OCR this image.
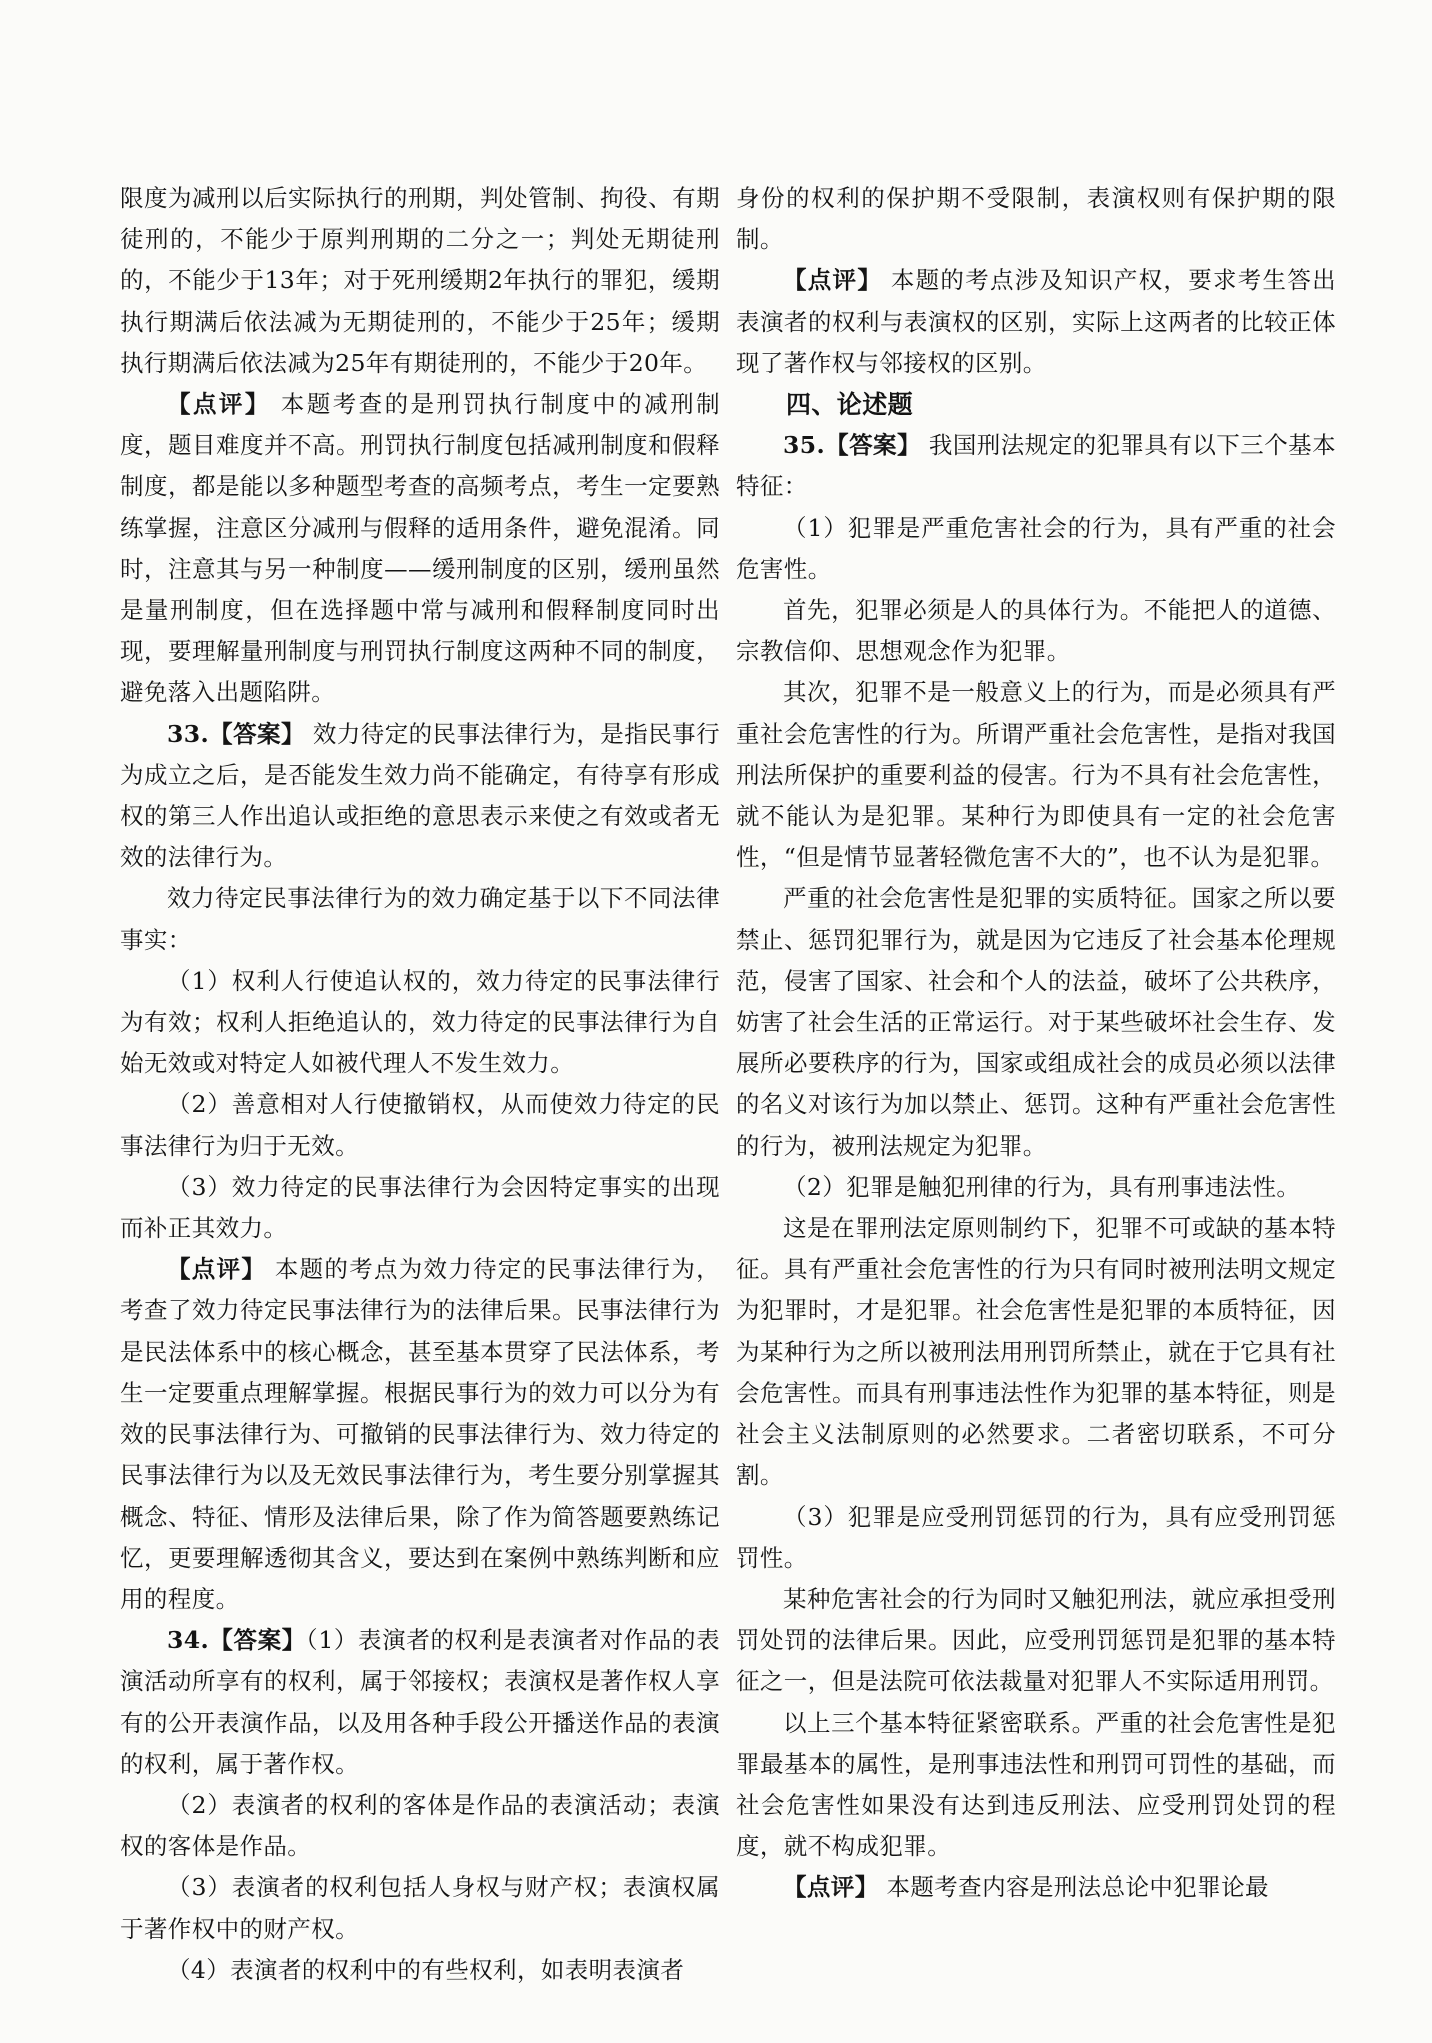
限度为减刑以后实际执行的刑期，判处管制、拘役、有期徒刑的，不能少于原判刑期的二分之一；判处无期徒刑的，不能少于13年；对于死刑缓期2年执行的罪犯，缓期执行期满后依法减为无期徒刑的，不能少于25年；缓期执行期满后依法减为25年有期徒刑的，不能少于20年。

【点评】 本题考查的是刑罚执行制度中的减刑制度，题目难度并不高。刑罚执行制度包括减刑制度和假释制度，都是能以多种题型考查的高频考点，考生一定要熟练掌握，注意区分减刑与假释的适用条件，避免混淆。同时，注意其与另一种制度——缓刑制度的区别，缓刑虽然是量刑制度，但在选择题中常与减刑和假释制度同时出现，要理解量刑制度与刑罚执行制度这两种不同的制度，避免落入出题陷阱。

33.【答案】 效力待定的民事法律行为，是指民事行为成立之后，是否能发生效力尚不能确定，有待享有形成权的第三人作出追认或拒绝的意思表示来使之有效或者无效的法律行为。

效力待定民事法律行为的效力确定基于以下不同法律事实：

（1）权利人行使追认权的，效力待定的民事法律行为有效；权利人拒绝追认的，效力待定的民事法律行为自始无效或对特定人如被代理人不发生效力。

（2）善意相对人行使撤销权，从而使效力待定的民事法律行为归于无效。

（3）效力待定的民事法律行为会因特定事实的出现而补正其效力。

【点评】 本题的考点为效力待定的民事法律行为，考查了效力待定民事法律行为的法律后果。民事法律行为是民法体系中的核心概念，甚至基本贯穿了民法体系，考生一定要重点理解掌握。根据民事行为的效力可以分为有效的民事法律行为、可撤销的民事法律行为、效力待定的民事法律行为以及无效民事法律行为，考生要分别掌握其概念、特征、情形及法律后果，除了作为简答题要熟练记忆，更要理解透彻其含义，要达到在案例中熟练判断和应用的程度。

34.【答案】（1）表演者的权利是表演者对作品的表演活动所享有的权利，属于邻接权；表演权是著作权人享有的公开表演作品，以及用各种手段公开播送作品的表演的权利，属于著作权。

（2）表演者的权利的客体是作品的表演活动；表演权的客体是作品。

（3）表演者的权利包括人身权与财产权；表演权属于著作权中的财产权。

（4）表演者的权利中的有些权利，如表明表演者

身份的权利的保护期不受限制，表演权则有保护期的限制。

【点评】 本题的考点涉及知识产权，要求考生答出表演者的权利与表演权的区别，实际上这两者的比较正体现了著作权与邻接权的区别。

四、论述题

35.【答案】 我国刑法规定的犯罪具有以下三个基本特征：

（1）犯罪是严重危害社会的行为，具有严重的社会危害性。

首先，犯罪必须是人的具体行为。不能把人的道德、宗教信仰、思想观念作为犯罪。

其次，犯罪不是一般意义上的行为，而是必须具有严重社会危害性的行为。所谓严重社会危害性，是指对我国刑法所保护的重要利益的侵害。行为不具有社会危害性，就不能认为是犯罪。某种行为即使具有一定的社会危害性，“但是情节显著轻微危害不大的”，也不认为是犯罪。

严重的社会危害性是犯罪的实质特征。国家之所以要禁止、惩罚犯罪行为，就是因为它违反了社会基本伦理规范，侵害了国家、社会和个人的法益，破坏了公共秩序，妨害了社会生活的正常运行。对于某些破坏社会生存、发展所必要秩序的行为，国家或组成社会的成员必须以法律的名义对该行为加以禁止、惩罚。这种有严重社会危害性的行为，被刑法规定为犯罪。

（2）犯罪是触犯刑律的行为，具有刑事违法性。

这是在罪刑法定原则制约下，犯罪不可或缺的基本特征。具有严重社会危害性的行为只有同时被刑法明文规定为犯罪时，才是犯罪。社会危害性是犯罪的本质特征，因为某种行为之所以被刑法用刑罚所禁止，就在于它具有社会危害性。而具有刑事违法性作为犯罪的基本特征，则是社会主义法制原则的必然要求。二者密切联系，不可分割。

（3）犯罪是应受刑罚惩罚的行为，具有应受刑罚惩罚性。

某种危害社会的行为同时又触犯刑法，就应承担受刑罚处罚的法律后果。因此，应受刑罚惩罚是犯罪的基本特征之一，但是法院可依法裁量对犯罪人不实际适用刑罚。

以上三个基本特征紧密联系。严重的社会危害性是犯罪最基本的属性，是刑事违法性和刑罚可罚性的基础，而社会危害性如果没有达到违反刑法、应受刑罚处罚的程度，就不构成犯罪。

【点评】 本题考查内容是刑法总论中犯罪论最
